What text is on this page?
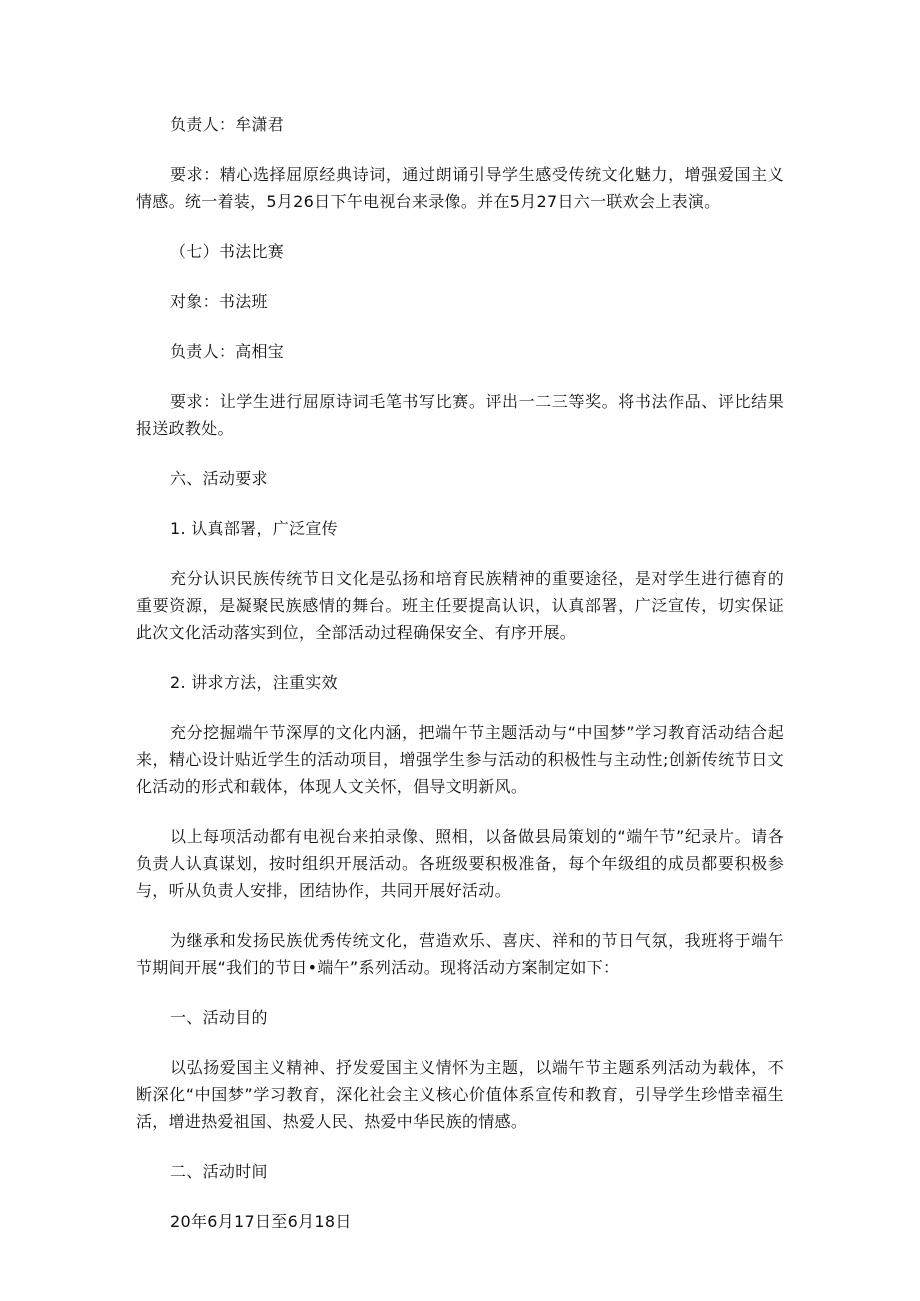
负责人：牟潇君

要求：精心选择屈原经典诗词，通过朗诵引导学生感受传统文化魅力，增强爱国主义情感。统一着装，5月26日下午电视台来录像。并在5月27日六一联欢会上表演。

（七）书法比赛

对象：书法班

负责人：高相宝

要求：让学生进行屈原诗词毛笔书写比赛。评出一二三等奖。将书法作品、评比结果报送政教处。

六、活动要求

1. 认真部署，广泛宣传

充分认识民族传统节日文化是弘扬和培育民族精神的重要途径，是对学生进行德育的重要资源，是凝聚民族感情的舞台。班主任要提高认识，认真部署，广泛宣传，切实保证此次文化活动落实到位，全部活动过程确保安全、有序开展。

2. 讲求方法，注重实效

充分挖掘端午节深厚的文化内涵，把端午节主题活动与“中国梦”学习教育活动结合起来，精心设计贴近学生的活动项目，增强学生参与活动的积极性与主动性;创新传统节日文化活动的形式和载体，体现人文关怀，倡导文明新风。

以上每项活动都有电视台来拍录像、照相，以备做县局策划的“端午节”纪录片。请各负责人认真谋划，按时组织开展活动。各班级要积极准备，每个年级组的成员都要积极参与，听从负责人安排，团结协作，共同开展好活动。

为继承和发扬民族优秀传统文化，营造欢乐、喜庆、祥和的节日气氛，我班将于端午节期间开展“我们的节日•端午”系列活动。现将活动方案制定如下：

一、活动目的

以弘扬爱国主义精神、抒发爱国主义情怀为主题，以端午节主题系列活动为载体，不断深化“中国梦”学习教育，深化社会主义核心价值体系宣传和教育，引导学生珍惜幸福生活，增进热爱祖国、热爱人民、热爱中华民族的情感。

二、活动时间

20年6月17日至6月18日
